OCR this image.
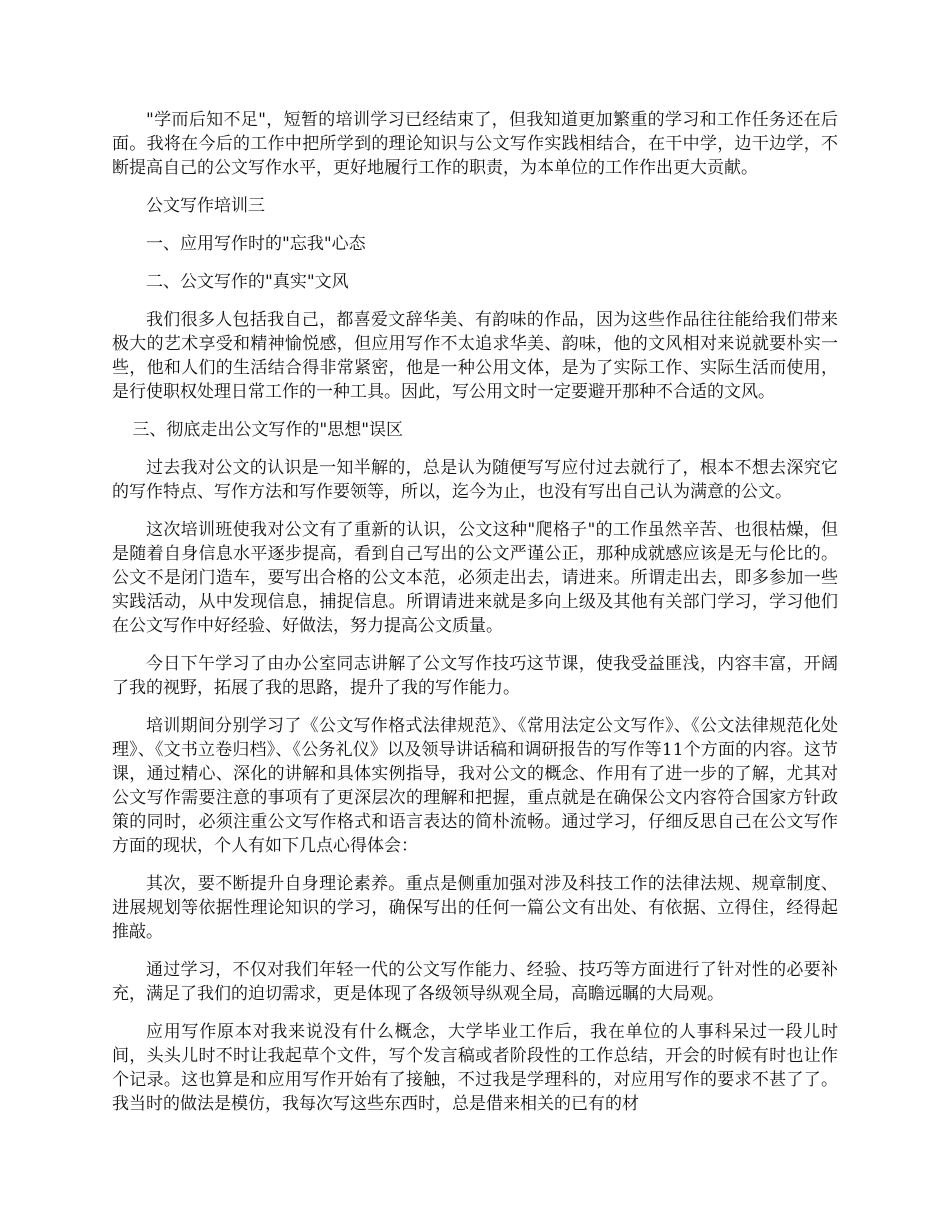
"学而后知不足"，短暂的培训学习已经结束了，但我知道更加繁重的学习和工作任务还在后面。我将在今后的工作中把所学到的理论知识与公文写作实践相结合，在干中学，边干边学，不断提高自己的公文写作水平，更好地履行工作的职责，为本单位的工作作出更大贡献。

公文写作培训三

一、应用写作时的"忘我"心态

二、公文写作的"真实"文风

我们很多人包括我自己，都喜爱文辞华美、有韵味的作品，因为这些作品往往能给我们带来极大的艺术享受和精神愉悦感，但应用写作不太追求华美、韵味，他的文风相对来说就要朴实一些，他和人们的生活结合得非常紧密，他是一种公用文体，是为了实际工作、实际生活而使用，是行使职权处理日常工作的一种工具。因此，写公用文时一定要避开那种不合适的文风。

三、彻底走出公文写作的"思想"误区

过去我对公文的认识是一知半解的，总是认为随便写写应付过去就行了，根本不想去深究它的写作特点、写作方法和写作要领等，所以，迄今为止，也没有写出自己认为满意的公文。

这次培训班使我对公文有了重新的认识，公文这种"爬格子"的工作虽然辛苦、也很枯燥，但是随着自身信息水平逐步提高，看到自己写出的公文严谨公正，那种成就感应该是无与伦比的。公文不是闭门造车，要写出合格的公文本范，必须走出去，请进来。所谓走出去，即多参加一些实践活动，从中发现信息，捕捉信息。所谓请进来就是多向上级及其他有关部门学习，学习他们在公文写作中好经验、好做法，努力提高公文质量。

今日下午学习了由办公室同志讲解了公文写作技巧这节课，使我受益匪浅，内容丰富，开阔了我的视野，拓展了我的思路，提升了我的写作能力。

培训期间分别学习了《公文写作格式法律规范》、《常用法定公文写作》、《公文法律规范化处理》、《文书立卷归档》、《公务礼仪》以及领导讲话稿和调研报告的写作等11个方面的内容。这节课，通过精心、深化的讲解和具体实例指导，我对公文的概念、作用有了进一步的了解，尤其对公文写作需要注意的事项有了更深层次的理解和把握，重点就是在确保公文内容符合国家方针政策的同时，必须注重公文写作格式和语言表达的简朴流畅。通过学习，仔细反思自己在公文写作方面的现状，个人有如下几点心得体会：

其次，要不断提升自身理论素养。重点是侧重加强对涉及科技工作的法律法规、规章制度、进展规划等依据性理论知识的学习，确保写出的任何一篇公文有出处、有依据、立得住，经得起推敲。

通过学习，不仅对我们年轻一代的公文写作能力、经验、技巧等方面进行了针对性的必要补充，满足了我们的迫切需求，更是体现了各级领导纵观全局，高瞻远瞩的大局观。

应用写作原本对我来说没有什么概念，大学毕业工作后，我在单位的人事科呆过一段儿时间，头头儿时不时让我起草个文件，写个发言稿或者阶段性的工作总结，开会的时候有时也让作个记录。这也算是和应用写作开始有了接触，不过我是学理科的，对应用写作的要求不甚了了。我当时的做法是模仿，我每次写这些东西时，总是借来相关的已有的材
